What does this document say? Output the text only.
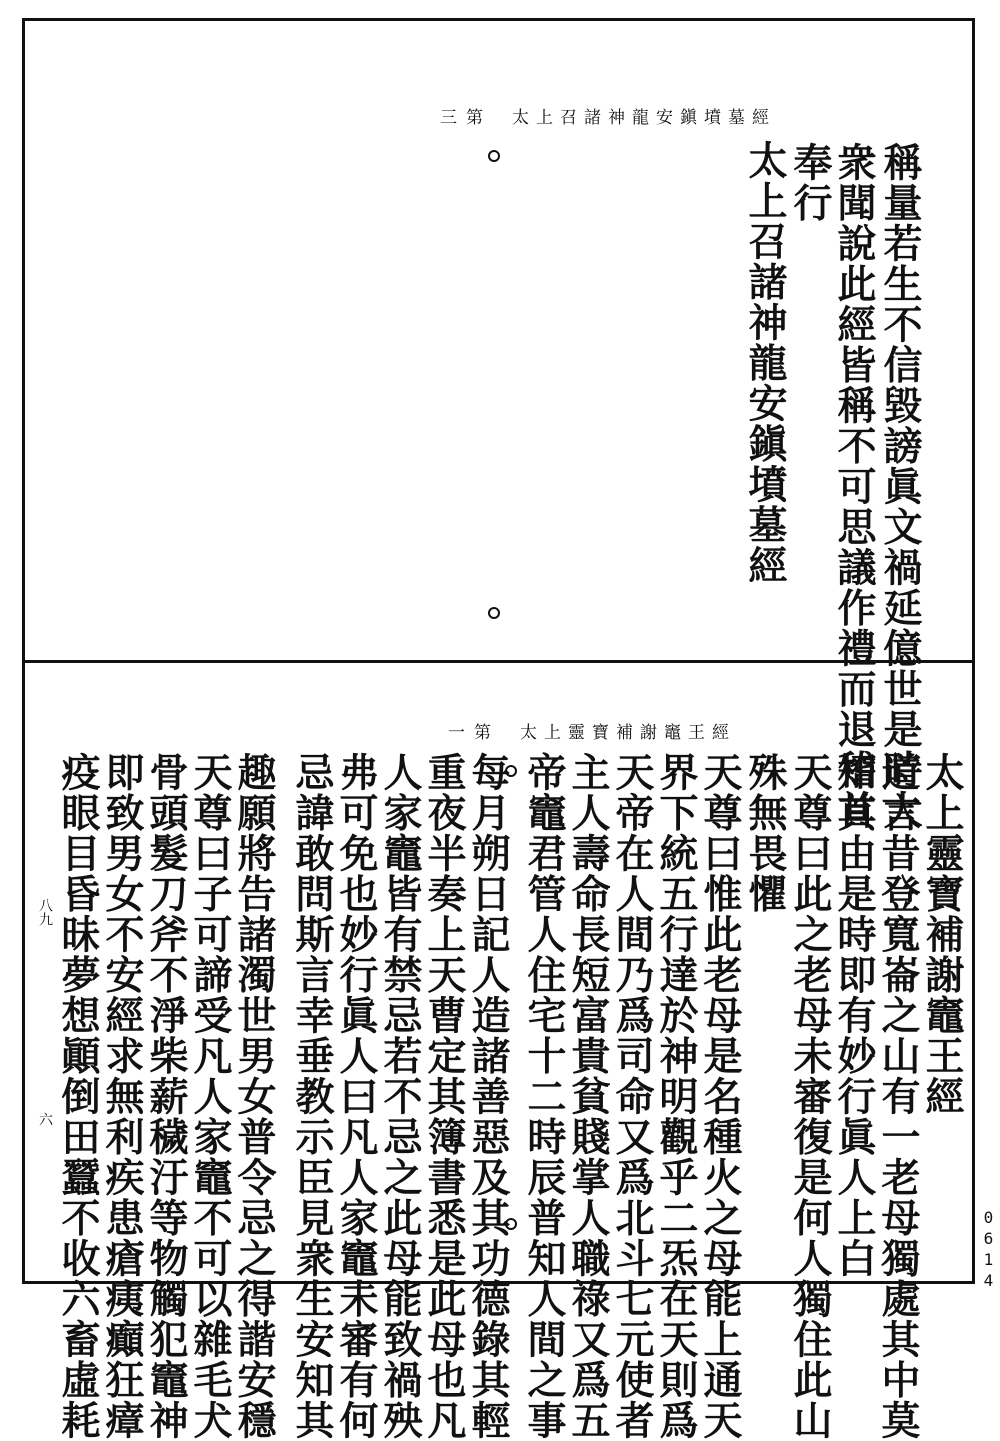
太上召諸神龍安鎭墳墓經
第
三
稱量若生不信毀謗眞文禍延億世是時大
衆聞說此經皆稱不可思議作禮而退稽首
奉行
太上召諸神龍安鎭墳墓經
太上靈寶補謝竈王經
第
一
太上靈寶補謝竈王經
道言昔登寬崙之山有一老母獨處其中莫
知其由是時即有妙行眞人上白
天尊曰此之老母未審復是何人獨住此山
殊無畏懼
天尊曰惟此老母是名種火之母能上通天
界下統五行達於神明觀乎二炁在天則爲
天帝在人間乃爲司命又爲北斗七元使者
主人壽命長短富貴貧賤掌人職祿又爲五
帝竈君管人住宅十二時辰普知人間之事
每月朔日記人造諸善惡及其功德錄其輕
重夜半奏上天曹定其簿書悉是此母也凡
人家竈皆有禁忌若不忌之此母能致禍殃
弗可免也妙行眞人曰凡人家竈未審有何
忌諱敢問斯言幸垂教示臣見衆生安知其
趣願將告諸濁世男女普令忌之得諧安穩
天尊曰子可諦受凡人家竈不可以雜毛犬
骨頭髮刀斧不淨柴薪穢汙等物觸犯竈神
即致男女不安經求無利疾患瘡痍癲狂瘴
疫眼目昏昧夢想顚倒田蠶不收六畜虛耗
八九
六
0614
